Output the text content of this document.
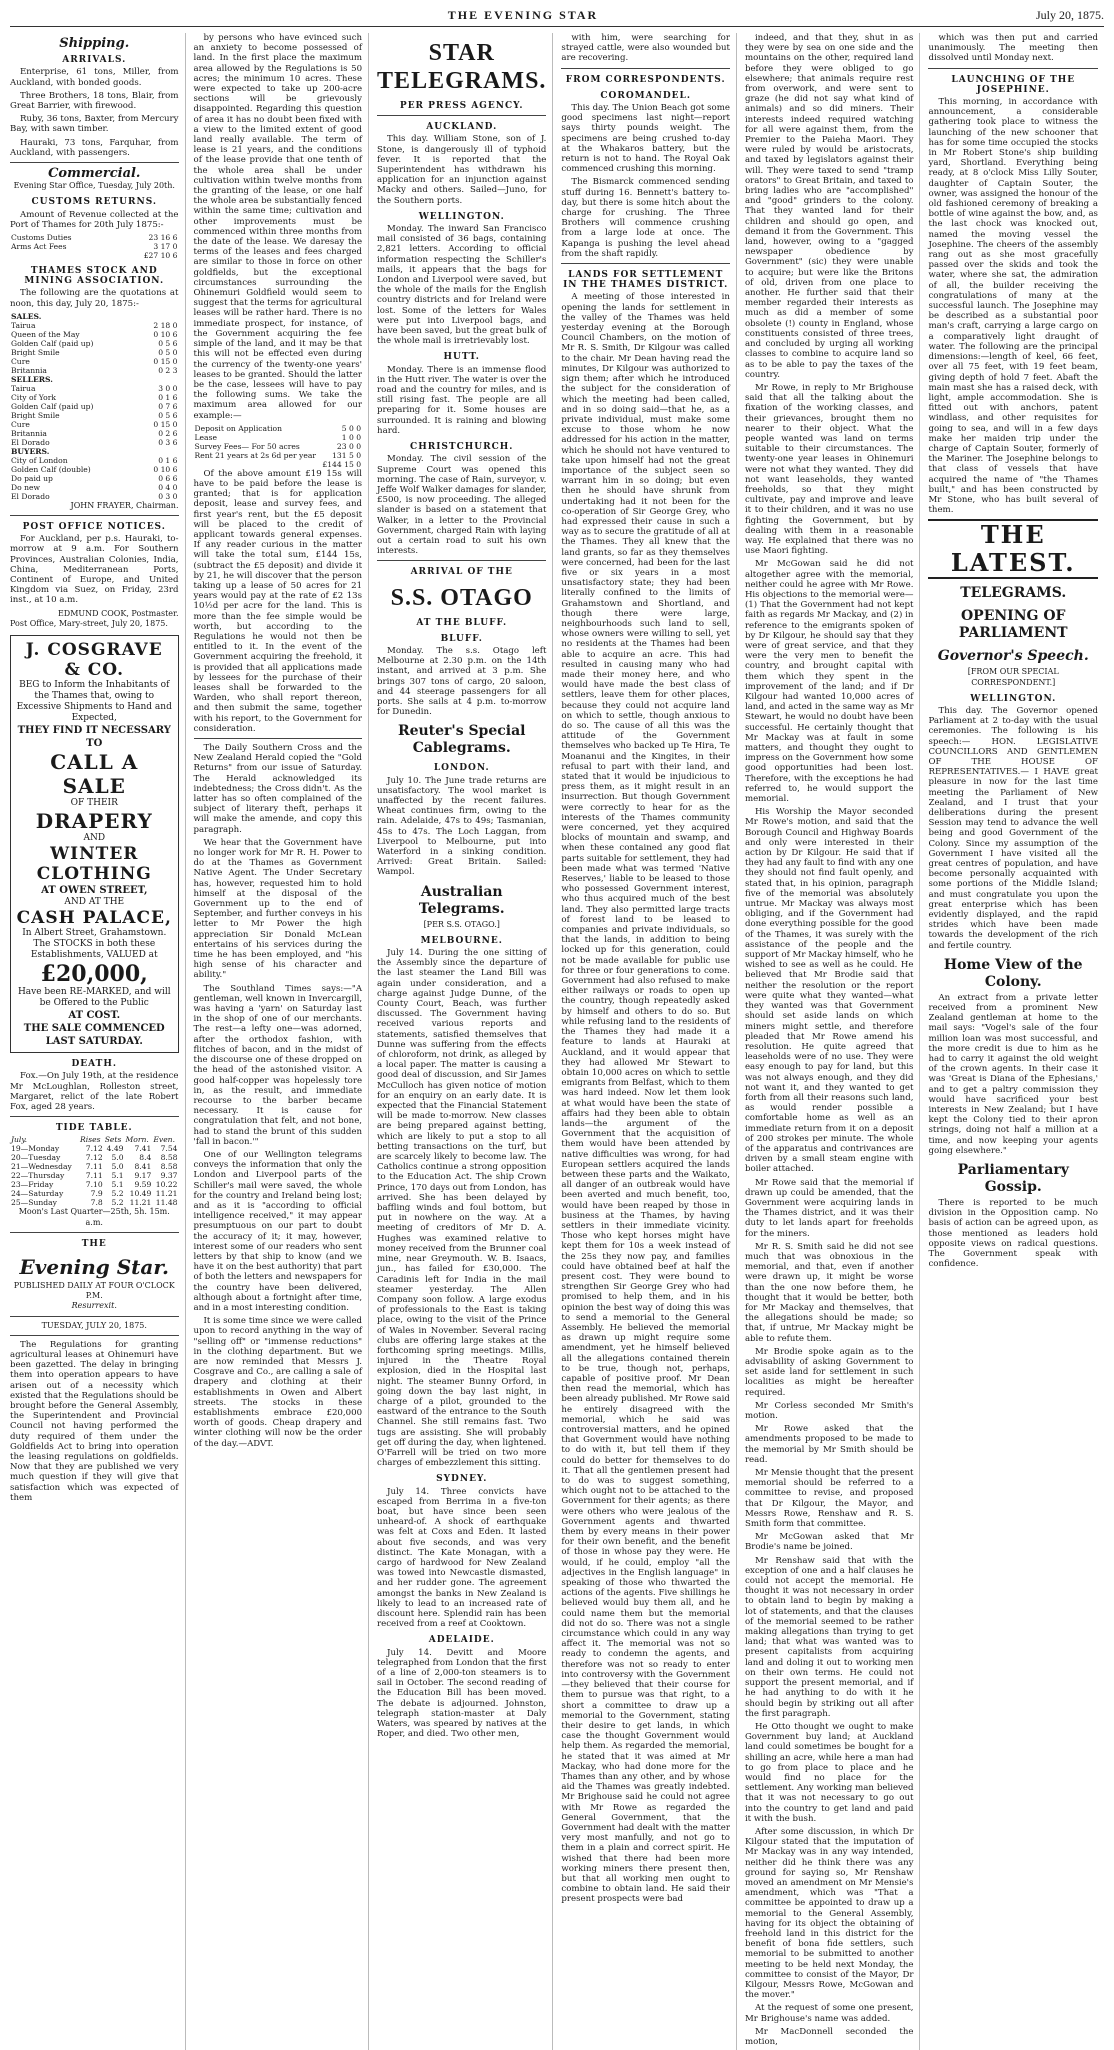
THE EVENING STAR	July 20, 1875.
Shipping.
ARRIVALS.

Enterprise, 61 tons, Miller, from Auckland, with bonded goods.

Three Brothers, 18 tons, Blair, from Great Barrier, with firewood.

Ruby, 36 tons, Baxter, from Mercury Bay, with sawn timber.

Hauraki, 73 tons, Farquhar, from Auckland, with passengers.

Commercial.
Evening Star Office, Tuesday, July 20th.
CUSTOMS RETURNS.

Amount of Revenue collected at the Port of Thames for 20th July 1875:-

Customs Duties	23 16 6
Arms Act Fees	3 17 0
	£27 10 6
THAMES STOCK AND MINING ASSOCIATION.

The following are the quotations at noon, this day, July 20, 1875:-

SALES.	
Tairua	2 18 0
Queen of the May	0 10 6
Golden Calf (paid up)	0 5 6
Bright Smile	0 5 0
Cure	0 15 0
Britannia	0 2 3
SELLERS.	
Tairua	3 0 0
City of York	0 1 6
Golden Calf (paid up)	0 7 6
Bright Smile	0 5 6
Cure	0 15 0
Britannia	0 2 6
El Dorado	0 3 6
BUYERS.	
City of London	0 1 6
Golden Calf (double)	0 10 6
Do paid up	0 6 6
Do new	0 4 0
El Dorado	0 3 0
JOHN FRAYER, Chairman.
POST OFFICE NOTICES.

For Auckland, per p.s. Hauraki, to-morrow at 9 a.m. For Southern Provinces, Australian Colonies, India, China, Mediterranean Ports, Continent of Europe, and United Kingdom via Suez, on Friday, 23rd inst., at 10 a.m.

EDMUND COOK, Postmaster.
Post Office, Mary-street, July 20, 1875.
J. COSGRAVE & CO.
BEG to Inform the Inhabitants of the Thames that, owing to Excessive Shipments to Hand and Expected,
THEY FIND IT NECESSARY TO
CALL A SALE
OF THEIR
DRAPERY
AND
WINTER CLOTHING
AT OWEN STREET,
AND AT THE
CASH PALACE,
In Albert Street, Grahamstown.
The STOCKS in both these Establishments, VALUED at
£20,000,
Have been RE-MARKED, and will be Offered to the Public
AT COST.
THE SALE COMMENCED LAST SATURDAY.
DEATH.

Fox.—On July 19th, at the residence Mr McLoughlan, Rolleston street, Margaret, relict of the late Robert Fox, aged 28 years.

TIDE TABLE.
July.	Rises	Sets	Morn.	Even.
19—Monday	7.12	4.49	7.41	7.54
20—Tuesday	7.12	5.0	8.4	8.58
21—Wednesday	7.11	5.0	8.41	8.58
22—Thursday	7.11	5.1	9.17	9.37
23—Friday	7.10	5.1	9.59	10.22
24—Saturday	7.9	5.2	10.49	11.21
25—Sunday	7.8	5.2	11.21	11.48
Moon's Last Quarter—25th, 5h. 15m. a.m.
THE
Evening Star.
PUBLISHED DAILY AT FOUR O'CLOCK P.M.
Resurrexit.
TUESDAY, JULY 20, 1875.

The Regulations for granting agricultural leases at Ohinemuri have been gazetted. The delay in bringing them into operation appears to have arisen out of a necessity which existed that the Regulations should be brought before the General Assembly, the Superintendent and Provincial Council not having performed the duty required of them under the Goldfields Act to bring into operation the leasing regulations on goldfields. Now that they are published we very much question if they will give that satisfaction which was expected of them

by persons who have evinced such an anxiety to become possessed of land. In the first place the maximum area allowed by the Regulations is 50 acres; the minimum 10 acres. These were expected to take up 200-acre sections will be grievously disappointed. Regarding this question of area it has no doubt been fixed with a view to the limited extent of good land really available. The term of lease is 21 years, and the conditions of the lease provide that one tenth of the whole area shall be under cultivation within twelve months from the granting of the lease, or one half the whole area be substantially fenced within the same time; cultivation and other improvements must be commenced within three months from the date of the lease. We daresay the terms of the leases and fees charged are similar to those in force on other goldfields, but the exceptional circumstances surrounding the Ohinemuri Goldfield would seem to suggest that the terms for agricultural leases will be rather hard. There is no immediate prospect, for instance, of the Government acquiring the fee simple of the land, and it may be that this will not be effected even during the currency of the twenty-one years' leases to be granted. Should the latter be the case, lessees will have to pay the following sums. We take the maximum area allowed for our example:—

Deposit on Application	5 0 0
Lease	1 0 0
Survey Fees— For 50 acres	23 0 0
Rent 21 years at 2s 6d per year	131 5 0
	£144 15 0

Of the above amount £19 15s will have to be paid before the lease is granted; that is for application deposit, lease and survey fees, and first year's rent, but the £5 deposit will be placed to the credit of applicant towards general expenses. If any reader curious in the matter will take the total sum, £144 15s, (subtract the £5 deposit) and divide it by 21, he will discover that the person taking up a lease of 50 acres for 21 years would pay at the rate of £2 13s 10½d per acre for the land. This is more than the fee simple would be worth, but according to the Regulations he would not then be entitled to it. In the event of the Government acquiring the freehold, it is provided that all applications made by lessees for the purchase of their leases shall be forwarded to the Warden, who shall report thereon, and then submit the same, together with his report, to the Government for consideration.

The Daily Southern Cross and the New Zealand Herald copied the "Gold Returns" from our issue of Saturday. The Herald acknowledged its indebtedness; the Cross didn't. As the latter has so often complained of the subject of literary theft, perhaps it will make the amende, and copy this paragraph.

We hear that the Government have no longer work for Mr R. H. Power to do at the Thames as Government Native Agent. The Under Secretary has, however, requested him to hold himself at the disposal of the Government up to the end of September, and further conveys in his letter to Mr Power the high appreciation Sir Donald McLean entertains of his services during the time he has been employed, and "his high sense of his character and ability."

The Southland Times says:—"A gentleman, well known in Invercargill, was having a 'yarn' on Saturday last in the shop of one of our merchants. The rest—a lefty one—was adorned, after the orthodox fashion, with flitches of bacon, and in the midst of the discourse one of these dropped on the head of the astonished visitor. A good half-copper was hopelessly tore in, as the result, and immediate recourse to the barber became necessary. It is cause for congratulation that felt, and not bone, had to stand the brunt of this sudden 'fall in bacon.'"

One of our Wellington telegrams conveys the information that only the London and Liverpool parts of the Schiller's mail were saved, the whole for the country and Ireland being lost; and as it is "according to official intelligence received," it may appear presumptuous on our part to doubt the accuracy of it; it may, however, interest some of our readers who sent letters by that ship to know (and we have it on the best authority) that part of both the letters and newspapers for the country have been delivered, although about a fortnight after time, and in a most interesting condition.

It is some time since we were called upon to record anything in the way of "selling off" or "immense reductions" in the clothing department. But we are now reminded that Messrs J. Cosgrave and Co., are calling a sale of drapery and clothing at their establishments in Owen and Albert streets. The stocks in these establishments embrace £20,000 worth of goods. Cheap drapery and winter clothing will now be the order of the day.—ADVT.

STAR TELEGRAMS.
PER PRESS AGENCY.
AUCKLAND.

This day. William Stone, son of J. Stone, is dangerously ill of typhoid fever. It is reported that the Superintendent has withdrawn his application for an injunction against Macky and others. Sailed—Juno, for the Southern ports.

WELLINGTON.

Monday. The inward San Francisco mail consisted of 36 bags, containing 2,821 letters. According to official information respecting the Schiller's mails, it appears that the bags for London and Liverpool were saved, but the whole of the mails for the English country districts and for Ireland were lost. Some of the letters for Wales were put into Liverpool bags, and have been saved, but the great bulk of the whole mail is irretrievably lost.

HUTT.

Monday. There is an immense flood in the Hutt river. The water is over the road and the country for miles, and is still rising fast. The people are all preparing for it. Some houses are surrounded. It is raining and blowing hard.

CHRISTCHURCH.

Monday. The civil session of the Supreme Court was opened this morning. The case of Rain, surveyor, v. Jeffe Wolf Walker damages for slander, £500, is now proceeding. The alleged slander is based on a statement that Walker, in a letter to the Provincial Government, charged Rain with laying out a certain road to suit his own interests.

ARRIVAL OF THE
S.S. OTAGO
AT THE BLUFF.
BLUFF.

Monday. The s.s. Otago left Melbourne at 2.30 p.m. on the 14th instant, and arrived at 3 p.m. She brings 307 tons of cargo, 20 saloon, and 44 steerage passengers for all ports. She sails at 4 p.m. to-morrow for Dunedin.

Reuter's Special Cablegrams.
LONDON.

July 10. The June trade returns are unsatisfactory. The wool market is unaffected by the recent failures. Wheat continues firm, owing to the rain. Adelaide, 47s to 49s; Tasmanian, 45s to 47s. The Loch Laggan, from Liverpool to Melbourne, put into Waterford in a sinking condition. Arrived: Great Britain. Sailed: Wampol.

Australian Telegrams.
[PER S.S. OTAGO.]
MELBOURNE.

July 14. During the one sitting of the Assembly since the departure of the last steamer the Land Bill was again under consideration, and a charge against Judge Dunne, of the County Court, Beach, was further discussed. The Government having received various reports and statements, satisfied themselves that Dunne was suffering from the effects of chloroform, not drink, as alleged by a local paper. The matter is causing a good deal of discussion, and Sir James McCulloch has given notice of motion for an enquiry on an early date. It is expected that the Financial Statement will be made to-morrow. New classes are being prepared against betting, which are likely to put a stop to all betting transactions on the turf, but are scarcely likely to become law. The Catholics continue a strong opposition to the Education Act. The ship Crown Prince, 170 days out from London, has arrived. She has been delayed by baffling winds and foul bottom, but put in nowhere on the way. At a meeting of creditors of Mr D. A. Hughes was examined relative to money received from the Brunner coal mine, near Greymouth. W. B. Isaacs, jun., has failed for £30,000. The Caradinis left for India in the mail steamer yesterday. The Allen Company soon follow. A large exodus of professionals to the East is taking place, owing to the visit of the Prince of Wales in November. Several racing clubs are offering large stakes at the forthcoming spring meetings. Millis, injured in the Theatre Royal explosion, died in the Hospital last night. The steamer Bunny Orford, in going down the bay last night, in charge of a pilot, grounded to the eastward of the entrance to the South Channel. She still remains fast. Two tugs are assisting. She will probably get off during the day, when lightened. O'Farrell will be tried on two more charges of embezzlement this sitting.

SYDNEY.

July 14. Three convicts have escaped from Berrima in a five-ton boat, but have since been seen unheard-of. A shock of earthquake was felt at Coxs and Eden. It lasted about five seconds, and was very distinct. The Kate Monagan, with a cargo of hardwood for New Zealand was towed into Newcastle dismasted, and her rudder gone. The agreement amongst the banks in New Zealand is likely to lead to an increased rate of discount here. Splendid rain has been received from a reef at Cooktown.

ADELAIDE.

July 14. Devitt and Moore telegraphed from London that the first of a line of 2,000-ton steamers is to sail in October. The second reading of the Education Bill has been moved. The debate is adjourned. Johnston, telegraph station-master at Daly Waters, was speared by natives at the Roper, and died. Two other men,

with him, were searching for strayed cattle, were also wounded but are recovering.

FROM CORRESPONDENTS.
COROMANDEL.

This day. The Union Beach got some good specimens last night—report says thirty pounds weight. The specimens are being crushed to-day at the Whakaros battery, but the return is not to hand. The Royal Oak commenced crushing this morning.

The Bismarck commenced sending stuff during 16. Bennett's battery to-day, but there is some hitch about the charge for crushing. The Three Brothers will commence crushing from a large lode at once. The Kapanga is pushing the level ahead from the shaft rapidly.

LANDS FOR SETTLEMENT IN THE THAMES DISTRICT.

A meeting of those interested in opening the lands for settlement in the valley of the Thames was held yesterday evening at the Borough Council Chambers, on the motion of Mr R. S. Smith, Dr Kilgour was called to the chair. Mr Dean having read the minutes, Dr Kilgour was authorized to sign them; after which he introduced the subject for the consideration of which the meeting had been called, and in so doing said—that he, as a private individual, must make some excuse to those whom he now addressed for his action in the matter, which he should not have ventured to take upon himself had not the great importance of the subject seen so warrant him in so doing; but even then he should have shrunk from undertaking had it not been for the co-operation of Sir George Grey, who had expressed their cause in such a way as to secure the gratitude of all at the Thames. They all knew that the land grants, so far as they themselves were concerned, had been for the last five or six years in a most unsatisfactory state; they had been literally confined to the limits of Grahamstown and Shortland, and though there were large, neighbourhoods such land to sell, whose owners were willing to sell, yet no residents at the Thames had been able to acquire an acre. This had resulted in causing many who had made their money here, and who would have made the best class of settlers, leave them for other places, because they could not acquire land on which to settle, though anxious to do so. The cause of all this was the attitude of the Government themselves who backed up Te Hira, Te Moananui and the Kingites, in their refusal to part with their land, and stated that it would be injudicious to press them, as it might result in an insurrection. But though Government were correctly to hear for as the interests of the Thames community were concerned, yet they acquired blocks of mountain and swamp, and when these contained any good flat parts suitable for settlement, they had been made what was termed 'Native Reserves,' liable to be leased to those who possessed Government interest, who thus acquired much of the best land. They also permitted large tracts of forest land to be leased to companies and private individuals, so that the lands, in addition to being locked up for this generation, could not be made available for public use for three or four generations to come. Government had also refused to make either railways or roads to open up the country, though repeatedly asked by himself and others to do so. But while refusing land to the residents of the Thames they had made it a feature to lands at Hauraki at Auckland, and it would appear that they had allowed Mr Stewart to obtain 10,000 acres on which to settle emigrants from Belfast, which to them was hard indeed. Now let them look at what would have been the state of affairs had they been able to obtain lands—the argument of the Government that the acquisition of them would have been attended by native difficulties was wrong, for had European settlers acquired the lands between these parts and the Waikato, all danger of an outbreak would have been averted and much benefit, too, would have been reaped by those in business at the Thames, by having settlers in their immediate vicinity. Those who kept horses might have kept them for 10s a week instead of the 25s they now pay, and families could have obtained beef at half the present cost. They were bound to strengthen Sir George Grey who had promised to help them, and in his opinion the best way of doing this was to send a memorial to the General Assembly. He believed the memorial as drawn up might require some amendment, yet he himself believed all the allegations contained therein to be true, though not, perhaps, capable of positive proof. Mr Dean then read the memorial, which has been already published. Mr Rowe said he entirely disagreed with the memorial, which he said was controversial matters, and he opined that Government would have nothing to do with it, but tell them if they could do better for themselves to do it. That all the gentlemen present had to do was to suggest something, which ought not to be attached to the Government for their agents; as there were others who were jealous of the Government agents and thwarted them by every means in their power for their own benefit, and the benefit of those in whose pay they were. He would, if he could, employ "all the adjectives in the English language" in speaking of those who thwarted the actions of the agents. Five shillings he believed would buy them all, and he could name them but the memorial did not do so. There was not a single circumstance which could in any way affect it. The memorial was not so ready to condemn the agents, and therefore was not so ready to enter into controversy with the Government—they believed that their course for them to pursue was that right, to a short a committee to draw up a memorial to the Government, stating their desire to get lands, in which case the thought Government would help them. As regarded the memorial, he stated that it was aimed at Mr Mackay, who had done more for the Thames than any other, and by whose aid the Thames was greatly indebted. Mr Brighouse said he could not agree with Mr Rowe as regarded the General Government, that the Government had dealt with the matter very most manfully, and not go to them in a plain and correct spirit. He wished that there had been more working miners there present then, but that all working men ought to combine to obtain land. He said their present prospects were bad

indeed, and that they, shut in as they were by sea on one side and the mountains on the other, required land before they were obliged to go elsewhere; that animals require rest from overwork, and were sent to graze (he did not say what kind of animals) and so did miners. Their interests indeed required watching for all were against them, from the Premier to the Paieha Maori. They were ruled by would be aristocrats, and taxed by legislators against their will. They were taxed to send "tramp orators" to Great Britain, and taxed to bring ladies who are "accomplished" and "good" grinders to the colony. That they wanted land for their children and should go open, and demand it from the Government. This land, however, owing to a "gagged newspaper obedience by Government" (sic) they were unable to acquire; but were like the Britons of old, driven from one place to another. He further said that their member regarded their interests as much as did a member of some obsolete (!) county in England, whose constituents consisted of three trees, and concluded by urging all working classes to combine to acquire land so as to be able to pay the taxes of the country.

Mr Rowe, in reply to Mr Brighouse said that all the talking about the fixation of the working classes, and their grievances, brought them no nearer to their object. What the people wanted was land on terms suitable to their circumstances. The twenty-one year leases in Ohinemuri were not what they wanted. They did not want leaseholds, they wanted freeholds, so that they might cultivate, pay and improve and leave it to their children, and it was no use fighting the Government, but by dealing with them in a reasonable way. He explained that there was no use Maori fighting.

Mr McGowan said he did not altogether agree with the memorial, neither could he agree with Mr Rowe. His objections to the memorial were—(1) That the Government had not kept faith as regards Mr Mackay, and (2) in reference to the emigrants spoken of by Dr Kilgour, he should say that they were of great service, and that they were the very men to benefit the country, and brought capital with them which they spent in the improvement of the land; and if Dr Kilgour had wanted 10,000 acres of land, and acted in the same way as Mr Stewart, he would no doubt have been successful. He certainly thought that Mr Mackay was at fault in some matters, and thought they ought to impress on the Government how some good opportunities had been lost. Therefore, with the exceptions he had referred to, he would support the memorial.

His Worship the Mayor seconded Mr Rowe's motion, and said that the Borough Council and Highway Boards and only were interested in their action by Dr Kilgour. He said that if they had any fault to find with any one they should not find fault openly, and stated that, in his opinion, paragraph five of the memorial was absolutely untrue. Mr Mackay was always most obliging, and if the Government had done everything possible for the good of the Thames, it was surely with the assistance of the people and the support of Mr Mackay himself, who he wished to see as well as he could. He believed that Mr Brodie said that neither the resolution or the report were quite what they wanted—what they wanted was that Government should set aside lands on which miners might settle, and therefore pleaded that Mr Rowe amend his resolution. He quite agreed that leaseholds were of no use. They were easy enough to pay for land, but this was not always enough, and they did not want it, and they wanted to get forth from all their reasons such land, as would render possible a comfortable home as well as an immediate return from it on a deposit of 200 strokes per minute. The whole of the apparatus and contrivances are driven by a small steam engine with boiler attached.

Mr Rowe said that the memorial if drawn up could be amended, that the Government were acquiring lands in the Thames district, and it was their duty to let lands apart for freeholds for the miners.

Mr R. S. Smith said he did not see much that was obnoxious in the memorial, and that, even if another were drawn up, it might be worse than the one now before them, he thought that it would be better, both for Mr Mackay and themselves, that the allegations should be made; so that, if untrue, Mr Mackay might be able to refute them.

Mr Brodie spoke again as to the advisability of asking Government to set aside land for settlement in such localities as might be hereafter required.

Mr Corless seconded Mr Smith's motion.

Mr Rowe asked that the amendments proposed to be made to the memorial by Mr Smith should be read.

Mr Mensie thought that the present memorial should be referred to a committee to revise, and proposed that Dr Kilgour, the Mayor, and Messrs Rowe, Renshaw and R. S. Smith form that committee.

Mr McGowan asked that Mr Brodie's name be joined.

Mr Renshaw said that with the exception of one and a half clauses he could not accept the memorial. He thought it was not necessary in order to obtain land to begin by making a lot of statements, and that the clauses of the memorial seemed to be rather making allegations than trying to get land; that what was wanted was to present capitalists from acquiring land and doling it out to working men on their own terms. He could not support the present memorial, and if he had anything to do with it he should begin by striking out all after the first paragraph.

He Otto thought we ought to make Government buy land; at Auckland land could sometimes be bought for a shilling an acre, while here a man had to go from place to place and he would find no place for the settlement. Any working man believed that it was not necessary to go out into the country to get land and paid it with the bush.

After some discussion, in which Dr Kilgour stated that the imputation of Mr Mackay was in any way intended, neither did he think there was any ground for saying so, Mr Renshaw moved an amendment on Mr Mensie's amendment, which was "That a committee be appointed to draw up a memorial to the General Assembly, having for its object the obtaining of freehold land in this district for the benefit of bona fide settlers, such memorial to be submitted to another meeting to be held next Monday, the committee to consist of the Mayor, Dr Kilgour, Messrs Rowe, McGowan and the mover."

At the request of some one present, Mr Brighouse's name was added.

Mr MacDonnell seconded the motion,

which was then put and carried unanimously. The meeting then dissolved until Monday next.

LAUNCHING OF THE JOSEPHINE.

This morning, in accordance with announcement, a considerable gathering took place to witness the launching of the new schooner that has for some time occupied the stocks in Mr Robert Stone's ship building yard, Shortland. Everything being ready, at 8 o'clock Miss Lilly Souter, daughter of Captain Souter, the owner, was assigned the honour of the old fashioned ceremony of breaking a bottle of wine against the bow, and, as the last chock was knocked out, named the moving vessel the Josephine. The cheers of the assembly rang out as she most gracefully passed over the skids and took the water, where she sat, the admiration of all, the builder receiving the congratulations of many at the successful launch. The Josephine may be described as a substantial poor man's craft, carrying a large cargo on a comparatively light draught of water. The following are the principal dimensions:—length of keel, 66 feet, over all 75 feet, with 19 feet beam, giving depth of hold 7 feet. Abaft the main mast she has a raised deck, with light, ample accommodation. She is fitted out with anchors, patent windlass, and other requisites for going to sea, and will in a few days make her maiden trip under the charge of Captain Souter, formerly of the Mariner. The Josephine belongs to that class of vessels that have acquired the name of "the Thames built," and has been constructed by Mr Stone, who has built several of them.

THE LATEST.
TELEGRAMS.
OPENING OF PARLIAMENT
Governor's Speech.
[FROM OUR SPECIAL CORRESPONDENT.]
WELLINGTON.

This day. The Governor opened Parliament at 2 to-day with the usual ceremonies. The following is his speech:— HON. LEGISLATIVE COUNCILLORS AND GENTLEMEN OF THE HOUSE OF REPRESENTATIVES.— I HAVE great pleasure in now for the last time meeting the Parliament of New Zealand, and I trust that your deliberations during the present Session may tend to advance the well being and good Government of the Colony. Since my assumption of the Government I have visited all the great centres of population, and have become personally acquainted with some portions of the Middle Island; and must congratulate you upon the great enterprise which has been evidently displayed, and the rapid strides which have been made towards the development of the rich and fertile country.

Home View of the Colony.

An extract from a private letter received from a prominent New Zealand gentleman at home to the mail says: "Vogel's sale of the four million loan was most successful, and the more credit is due to him as he had to carry it against the old weight of the crown agents. In their case it was 'Great is Diana of the Ephesians,' and to get a paltry commission they would have sacrificed your best interests in New Zealand; but I have kept the Colony tied to their apron strings, doing not half a million at a time, and now keeping your agents going elsewhere."

Parliamentary Gossip.

There is reported to be much division in the Opposition camp. No basis of action can be agreed upon, as those mentioned as leaders hold opposite views on radical questions. The Government speak with confidence.
